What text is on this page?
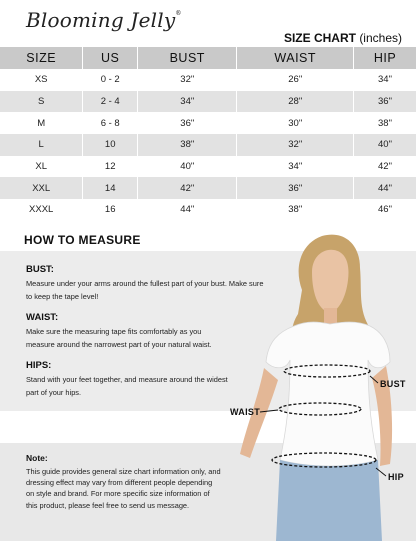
Blooming Jelly®
SIZE CHART (inches)
SIZE	US	BUST	WAIST	HIP
XS	0 - 2	32"	26"	34"
S	2 - 4	34"	28"	36"
M	6 - 8	36"	30"	38"
L	10	38"	32"	40"
XL	12	40"	34"	42"
XXL	14	42"	36"	44"
XXXL	16	44"	38"	46"
HOW TO MEASURE
BUST:

Measure under your arms around the fullest part of your bust. Make sure to keep the tape level!

WAIST:

Make sure the measuring tape fits comfortably as you measure around the narrowest part of your natural waist.

HIPS:

Stand with your feet together, and measure around the widest part of your hips.

Note:

This guide provides general size chart information only, and dressing effect may vary from different people depending on style and brand. For more specific size information of this product, please feel free to send us message.

BUST
WAIST
HIP
